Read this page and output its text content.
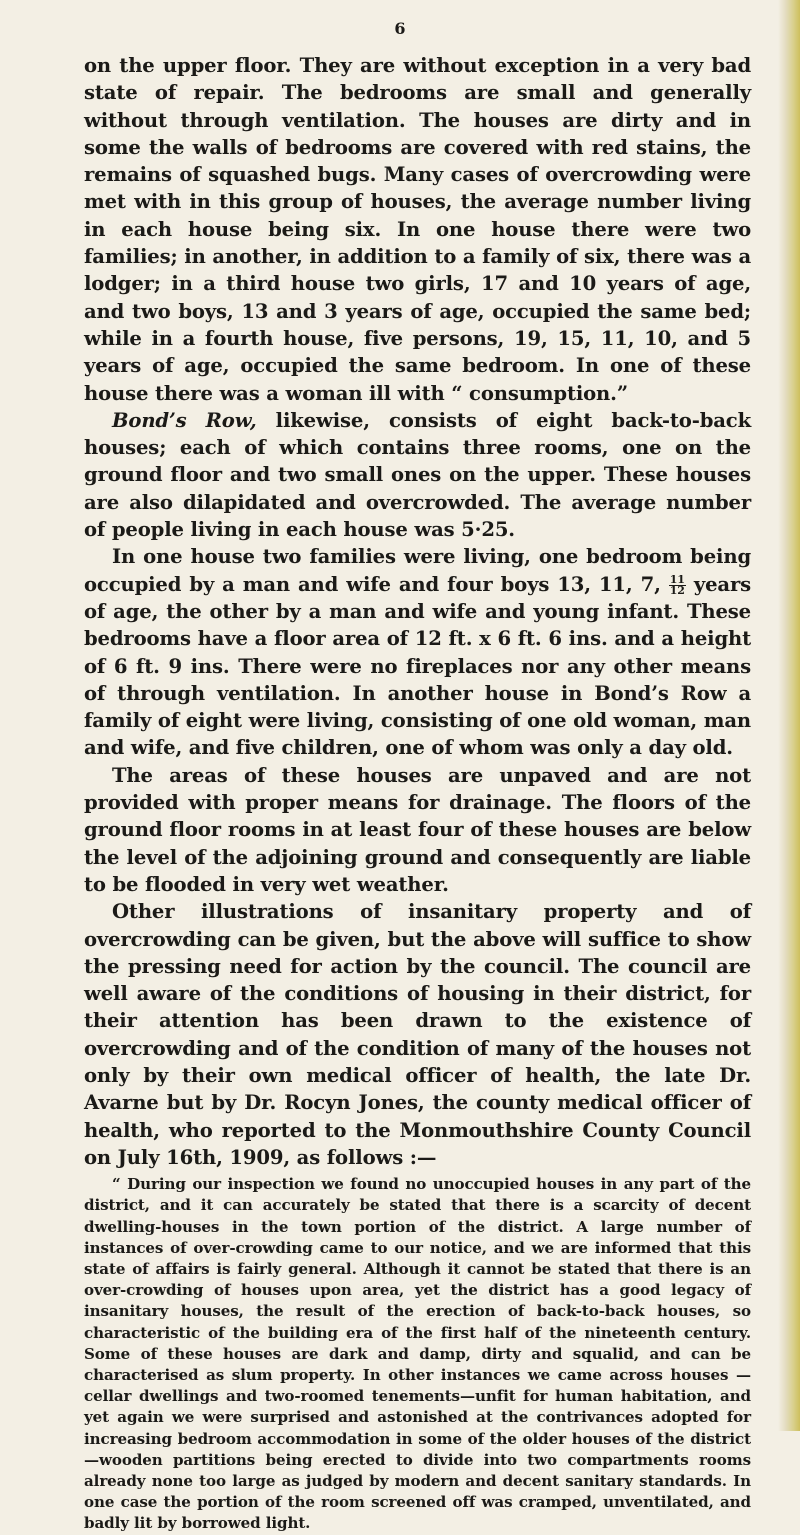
6

on the upper floor. They are without exception in a very bad state of repair. The bedrooms are small and generally without through ventilation. The houses are dirty and in some the walls of bedrooms are covered with red stains, the remains of squashed bugs. Many cases of overcrowding were met with in this group of houses, the average number living in each house being six. In one house there were two families; in another, in addition to a family of six, there was a lodger; in a third house two girls, 17 and 10 years of age, and two boys, 13 and 3 years of age, occupied the same bed; while in a fourth house, five persons, 19, 15, 11, 10, and 5 years of age, occupied the same bedroom. In one of these house there was a woman ill with “ consumption.”

Bond’s Row, likewise, consists of eight back-to-back houses; each of which contains three rooms, one on the ground floor and two small ones on the upper. These houses are also dilapidated and overcrowded. The average number of people living in each house was 5·25.

In one house two families were living, one bedroom being occupied by a man and wife and four boys 13, 11, 7, $\frac{11}{12}$ years of age, the other by a man and wife and young infant. These bedrooms have a floor area of 12 ft. x 6 ft. 6 ins. and a height of 6 ft. 9 ins. There were no fireplaces nor any other means of through ventilation. In another house in Bond’s Row a family of eight were living, consisting of one old woman, man and wife, and five children, one of whom was only a day old.

The areas of these houses are unpaved and are not provided with proper means for drainage. The floors of the ground floor rooms in at least four of these houses are below the level of the adjoining ground and consequently are liable to be flooded in very wet weather.

Other illustrations of insanitary property and of overcrowding can be given, but the above will suffice to show the pressing need for action by the council. The council are well aware of the conditions of housing in their district, for their attention has been drawn to the existence of overcrowding and of the condition of many of the houses not only by their own medical officer of health, the late Dr. Avarne but by Dr. Rocyn Jones, the county medical officer of health, who reported to the Monmouthshire County Council on July 16th, 1909, as follows :—

“ During our inspection we found no unoccupied houses in any part of the district, and it can accurately be stated that there is a scarcity of decent dwelling-houses in the town portion of the district. A large number of instances of over-crowding came to our notice, and we are informed that this state of affairs is fairly general. Although it cannot be stated that there is an over-crowding of houses upon area, yet the district has a good legacy of insanitary houses, the result of the erection of back-to-back houses, so characteristic of the building era of the first half of the nineteenth century. Some of these houses are dark and damp, dirty and squalid, and can be characterised as slum property. In other instances we came across houses —cellar dwellings and two-roomed tenements—unfit for human habitation, and yet again we were surprised and astonished at the contrivances adopted for increasing bedroom accommodation in some of the older houses of the district—wooden partitions being erected to divide into two compartments rooms already none too large as judged by modern and decent sanitary standards. In one case the portion of the room screened off was cramped, unventilated, and badly lit by borrowed light.
